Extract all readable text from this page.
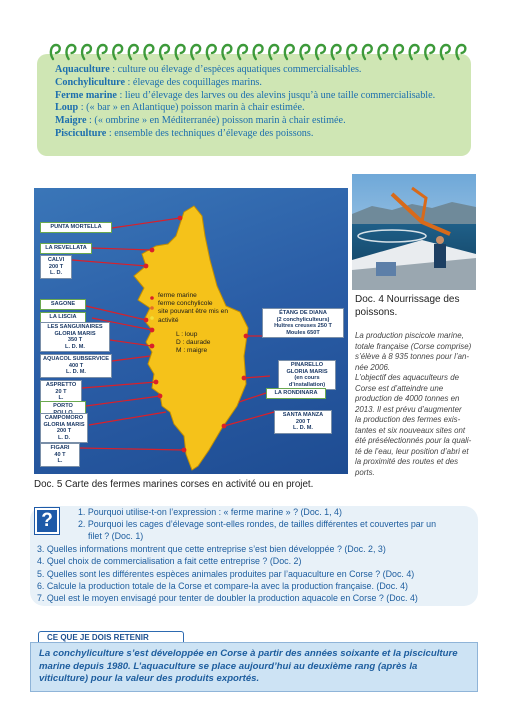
Aquaculture : culture ou élevage d’espèces aquatiques commercialisables.
Conchyliculture : élevage des coquillages marins.
Ferme marine : lieu d’élevage des larves ou des alevins jusqu’à une taille commercialisable.
Loup : (« bar » en Atlantique) poisson marin à chair estimée.
Maigre : (« ombrine » en Méditerranée) poisson marin à chair estimée.
Pisciculture : ensemble des techniques d’élevage des poissons.
PUNTA MORTELLA
LA REVELLATA
CALVI
200 T
L. D.
SAGONE
LA LISCIA
LES SANGUINAIRES
GLORIA MARIS
350 T
L. D. M.
AQUACOL SUBSERVICE
400 T
L. D. M.
ASPRETTO
20 T
L.
PORTO
CAMPOMORO
GLORIA MARIS
200 T
L. D.
FIGARI
40 T
L.
ÉTANG DE DIANA
(2 conchyliculteurs)
Huîtres creuses 250 T
Moules 650T
PINARELLO
GLORIA MARIS
(en cours
d’installation)
LA RONDINARA
SANTA MANZA
200 T
L. D. M.
ferme marine
ferme conchylicole
site pouvant être mis en
activité
L : loup
D : daurade
M : maigre
Doc. 5 Carte des fermes marines corses en activité ou en projet.
Doc. 4 Nourrissage des poissons.

La production piscicole marine,

totale française (Corse comprise)

s’élève à 8 935 tonnes pour l’an-

née 2006.

L’objectif des aquaculteurs de

Corse est d’atteindre une

production de 4000 tonnes en

2013. Il est prévu d’augmenter

la production des fermes exis-

tantes et six nouveaux sites ont

été présélectionnés pour la quali-

té de l’eau, leur position d’abri et

la proximité des routes et des

ports.

?	1. Pourquoi utilise-t-on l’expression : « ferme marine » ? (Doc. 1, 4)
2. Pourquoi les cages d’élevage sont-elles rondes, de tailles différentes et couvertes par un
filet ? (Doc. 1)
3. Quelles informations montrent que cette entreprise s’est bien développée ? (Doc. 2, 3)
4. Quel choix de commercialisation a fait cette entreprise ? (Doc. 2)
5. Quelles sont les différentes espèces animales produites par l’aquaculture en Corse ? (Doc. 4)
6. Calcule la production totale de la Corse et compare-la avec la production française. (Doc. 4)
7. Quel est le moyen envisagé pour tenter de doubler la production aquacole en Corse ? (Doc. 4)
CE QUE JE DOIS RETENIR
La conchyliculture s’est développée en Corse à partir des années soixante et la pisciculture marine depuis 1980. L’aquaculture se place aujourd’hui au deuxième rang (après la viticulture) pour la valeur des produits exportés.
